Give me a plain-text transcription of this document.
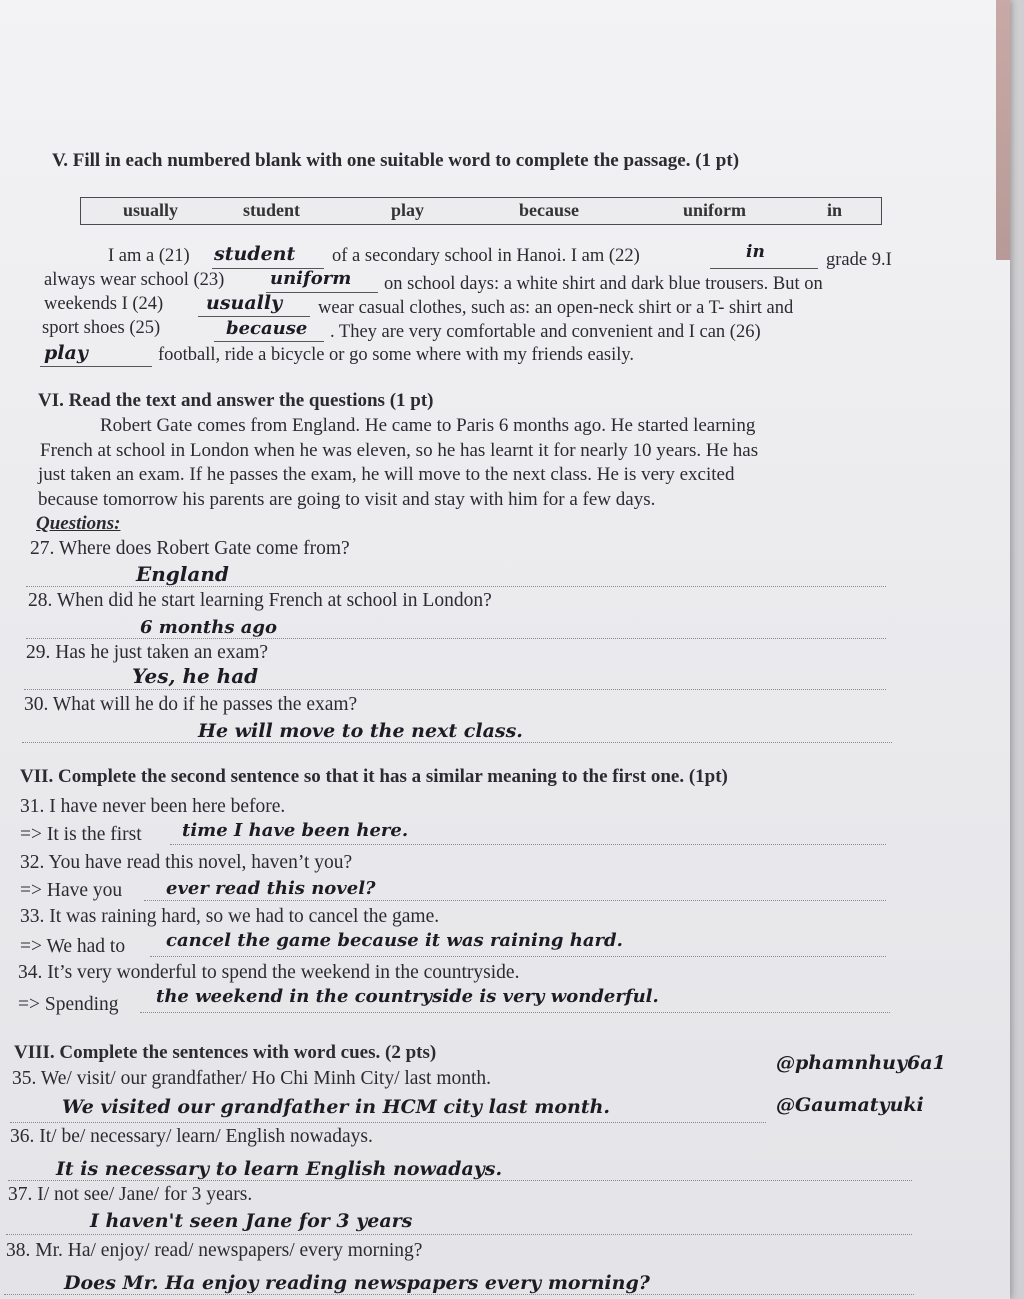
V. Fill in each numbered blank with one suitable word to complete the passage. (1 pt)
usually	student	play	because	uniform	in
I am a (21) student of a secondary school in Hanoi. I am (22)	in	grade 9.I
always wear school (23)	uniform on school days: a white shirt and dark blue trousers. But on
weekends I (24) usually wear casual clothes, such as: an open-neck shirt or a T- shirt and
sport shoes (25)	because . They are very comfortable and convenient and I can (26)
play	football, ride a bicycle or go some where with my friends easily.
VI. Read the text and answer the questions (1 pt)
Robert Gate comes from England. He came to Paris 6 months ago. He started learning
French at school in London when he was eleven, so he has learnt it for nearly 10 years. He has
just taken an exam. If he passes the exam, he will move to the next class. He is very excited
because tomorrow his parents are going to visit and stay with him for a few days.
Questions:
27. Where does Robert Gate come from?
England
28. When did he start learning French at school in London?
6 months ago
29. Has he just taken an exam?
Yes, he had
30. What will he do if he passes the exam?
He will move to the next class.
VII. Complete the second sentence so that it has a similar meaning to the first one. (1pt)
31. I have never been here before.
=> It is the first time I have been here.
32. You have read this novel, haven’t you?
=> Have you ever read this novel?
33. It was raining hard, so we had to cancel the game.
=> We had to cancel the game because it was raining hard.
34. It’s very wonderful to spend the weekend in the countryside.
=> Spending the weekend in the countryside is very wonderful.
VIII. Complete the sentences with word cues. (2 pts)	@phamnhuy6a1
@Gaumatyuki
35. We/ visit/ our grandfather/ Ho Chi Minh City/ last month.
We visited our grandfather in HCM city last month.
36. It/ be/ necessary/ learn/ English nowadays.
It is necessary to learn English nowadays.
37. I/ not see/ Jane/ for 3 years.
I haven't seen Jane for 3 years
38. Mr. Ha/ enjoy/ read/ newspapers/ every morning?
Does Mr. Ha enjoy reading newspapers every morning?
